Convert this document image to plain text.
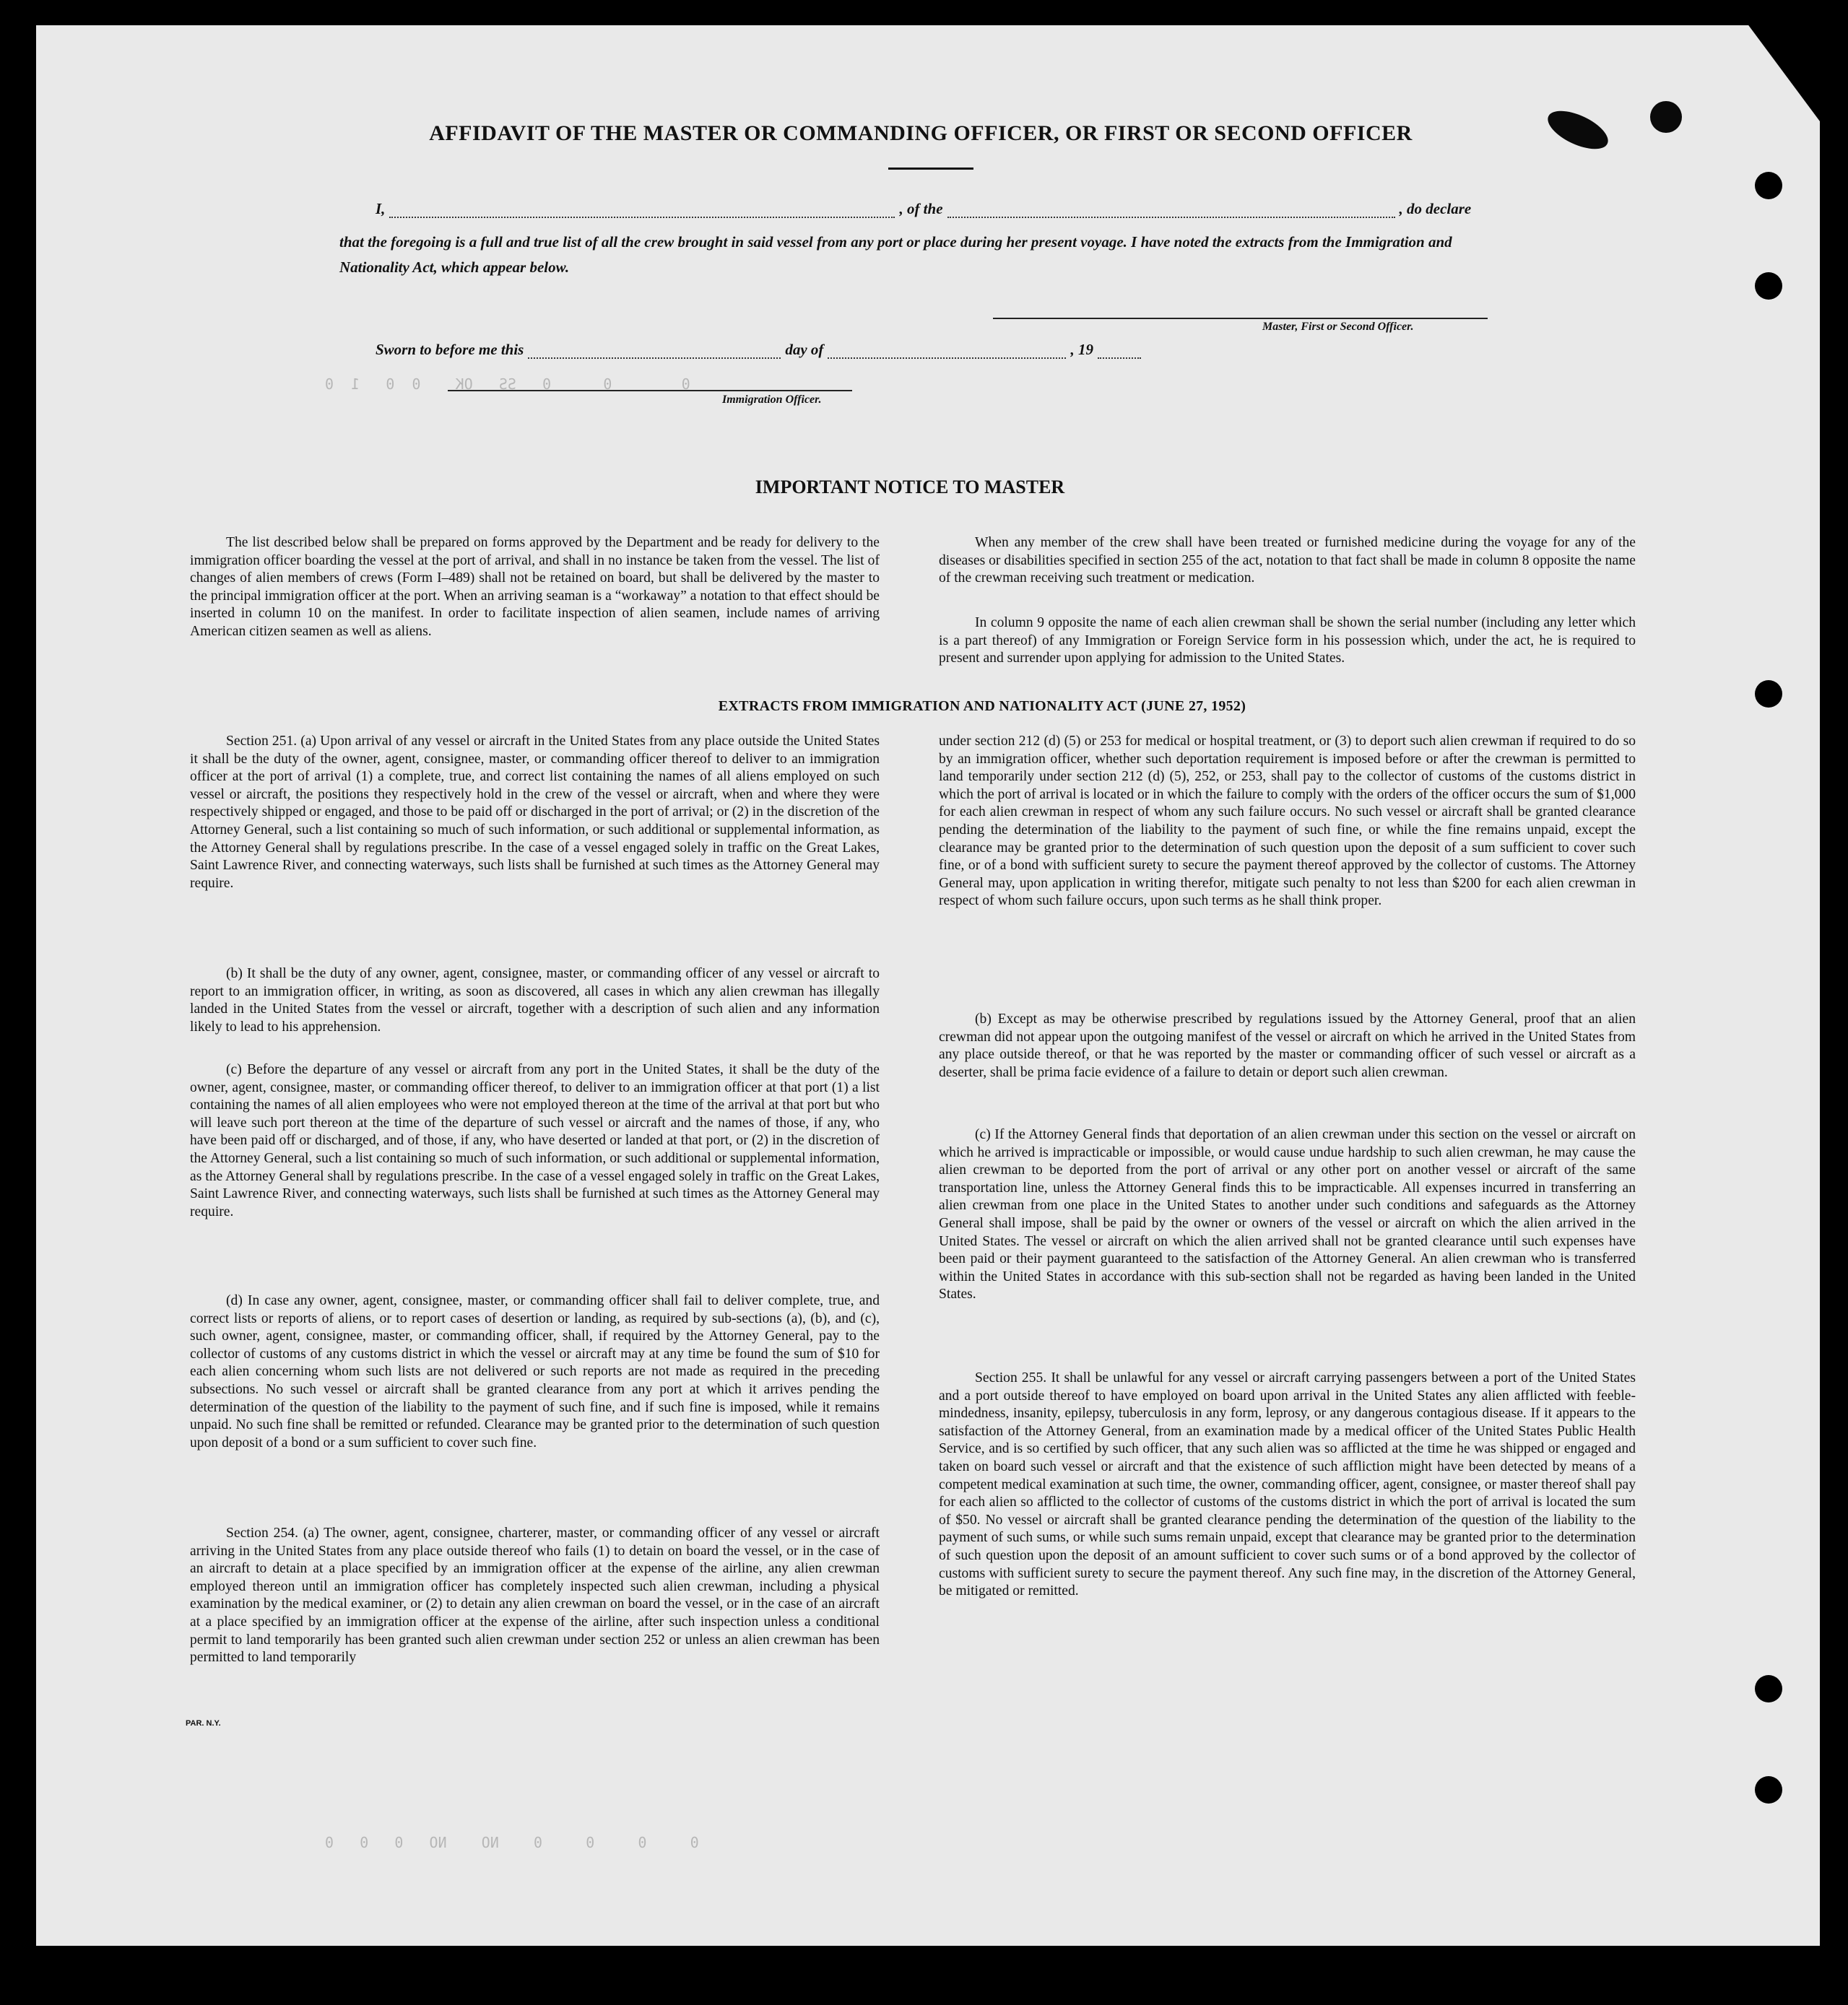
0        0      0   SS   OK    0  0   1  0
0     0     0     0    NO    NO   0   0   0
AFFIDAVIT OF THE MASTER OR COMMANDING OFFICER, OR FIRST OR SECOND OFFICER
I,	, of the	, do declare
that the foregoing is a full and true list of all the crew brought in said vessel from any port or place during her present voyage. I have noted the extracts from the Immigration and Nationality Act, which appear below.
Master, First or Second Officer.
Sworn to before me this	day of	, 19
Immigration Officer.
IMPORTANT NOTICE TO MASTER

The list described below shall be prepared on forms approved by the Department and be ready for delivery to the immigration officer boarding the vessel at the port of arrival, and shall in no instance be taken from the vessel. The list of changes of alien members of crews (Form I–489) shall not be retained on board, but shall be delivered by the master to the principal immigration officer at the port. When an arriving seaman is a “workaway” a notation to that effect should be inserted in column 10 on the manifest. In order to facilitate inspection of alien seamen, include names of arriving American citizen seamen as well as aliens.

When any member of the crew shall have been treated or furnished medicine during the voyage for any of the diseases or disabilities specified in section 255 of the act, notation to that fact shall be made in column 8 opposite the name of the crewman receiving such treatment or medication.

In column 9 opposite the name of each alien crewman shall be shown the serial number (including any letter which is a part thereof) of any Immigration or Foreign Service form in his possession which, under the act, he is required to present and surrender upon applying for admission to the United States.

EXTRACTS FROM IMMIGRATION AND NATIONALITY ACT (JUNE 27, 1952)

Section 251. (a) Upon arrival of any vessel or aircraft in the United States from any place outside the United States it shall be the duty of the owner, agent, consignee, master, or commanding officer thereof to deliver to an immigration officer at the port of arrival (1) a complete, true, and correct list containing the names of all aliens employed on such vessel or aircraft, the positions they respectively hold in the crew of the vessel or aircraft, when and where they were respectively shipped or engaged, and those to be paid off or discharged in the port of arrival; or (2) in the discretion of the Attorney General, such a list containing so much of such information, or such additional or supplemental information, as the Attorney General shall by regulations prescribe. In the case of a vessel engaged solely in traffic on the Great Lakes, Saint Lawrence River, and connecting waterways, such lists shall be furnished at such times as the Attorney General may require.

(b) It shall be the duty of any owner, agent, consignee, master, or commanding officer of any vessel or aircraft to report to an immigration officer, in writing, as soon as discovered, all cases in which any alien crewman has illegally landed in the United States from the vessel or aircraft, together with a description of such alien and any information likely to lead to his apprehension.

(c) Before the departure of any vessel or aircraft from any port in the United States, it shall be the duty of the owner, agent, consignee, master, or commanding officer thereof, to deliver to an immigration officer at that port (1) a list containing the names of all alien employees who were not employed thereon at the time of the arrival at that port but who will leave such port thereon at the time of the departure of such vessel or aircraft and the names of those, if any, who have been paid off or discharged, and of those, if any, who have deserted or landed at that port, or (2) in the discretion of the Attorney General, such a list containing so much of such information, or such additional or supplemental information, as the Attorney General shall by regulations prescribe. In the case of a vessel engaged solely in traffic on the Great Lakes, Saint Lawrence River, and connecting waterways, such lists shall be furnished at such times as the Attorney General may require.

(d) In case any owner, agent, consignee, master, or commanding officer shall fail to deliver complete, true, and correct lists or reports of aliens, or to report cases of desertion or landing, as required by sub-sections (a), (b), and (c), such owner, agent, consignee, master, or commanding officer, shall, if required by the Attorney General, pay to the collector of customs of any customs district in which the vessel or aircraft may at any time be found the sum of $10 for each alien concerning whom such lists are not delivered or such reports are not made as required in the preceding subsections. No such vessel or aircraft shall be granted clearance from any port at which it arrives pending the determination of the question of the liability to the payment of such fine, and if such fine is imposed, while it remains unpaid. No such fine shall be remitted or refunded. Clearance may be granted prior to the determination of such question upon deposit of a bond or a sum sufficient to cover such fine.

Section 254. (a) The owner, agent, consignee, charterer, master, or commanding officer of any vessel or aircraft arriving in the United States from any place outside thereof who fails (1) to detain on board the vessel, or in the case of an aircraft to detain at a place specified by an immigration officer at the expense of the airline, any alien crewman employed thereon until an immigration officer has completely inspected such alien crewman, including a physical examination by the medical examiner, or (2) to detain any alien crewman on board the vessel, or in the case of an aircraft at a place specified by an immigration officer at the expense of the airline, after such inspection unless a conditional permit to land temporarily has been granted such alien crewman under section 252 or unless an alien crewman has been permitted to land temporarily

under section 212 (d) (5) or 253 for medical or hospital treatment, or (3) to deport such alien crewman if required to do so by an immigration officer, whether such deportation requirement is imposed before or after the crewman is permitted to land temporarily under section 212 (d) (5), 252, or 253, shall pay to the collector of customs of the customs district in which the port of arrival is located or in which the failure to comply with the orders of the officer occurs the sum of $1,000 for each alien crewman in respect of whom any such failure occurs. No such vessel or aircraft shall be granted clearance pending the determination of the liability to the payment of such fine, or while the fine remains unpaid, except the clearance may be granted prior to the determination of such question upon the deposit of a sum sufficient to cover such fine, or of a bond with sufficient surety to secure the payment thereof approved by the collector of customs. The Attorney General may, upon application in writing therefor, mitigate such penalty to not less than $200 for each alien crewman in respect of whom such failure occurs, upon such terms as he shall think proper.

(b) Except as may be otherwise prescribed by regulations issued by the Attorney General, proof that an alien crewman did not appear upon the outgoing manifest of the vessel or aircraft on which he arrived in the United States from any place outside thereof, or that he was reported by the master or commanding officer of such vessel or aircraft as a deserter, shall be prima facie evidence of a failure to detain or deport such alien crewman.

(c) If the Attorney General finds that deportation of an alien crewman under this section on the vessel or aircraft on which he arrived is impracticable or impossible, or would cause undue hardship to such alien crewman, he may cause the alien crewman to be deported from the port of arrival or any other port on another vessel or aircraft of the same transportation line, unless the Attorney General finds this to be impracticable. All expenses incurred in transferring an alien crewman from one place in the United States to another under such conditions and safeguards as the Attorney General shall impose, shall be paid by the owner or owners of the vessel or aircraft on which the alien arrived in the United States. The vessel or aircraft on which the alien arrived shall not be granted clearance until such expenses have been paid or their payment guaranteed to the satisfaction of the Attorney General. An alien crewman who is transferred within the United States in accordance with this sub-section shall not be regarded as having been landed in the United States.

Section 255. It shall be unlawful for any vessel or aircraft carrying passengers between a port of the United States and a port outside thereof to have employed on board upon arrival in the United States any alien afflicted with feeble-mindedness, insanity, epilepsy, tuberculosis in any form, leprosy, or any dangerous contagious disease. If it appears to the satisfaction of the Attorney General, from an examination made by a medical officer of the United States Public Health Service, and is so certified by such officer, that any such alien was so afflicted at the time he was shipped or engaged and taken on board such vessel or aircraft and that the existence of such affliction might have been detected by means of a competent medical examination at such time, the owner, commanding officer, agent, consignee, or master thereof shall pay for each alien so afflicted to the collector of customs of the customs district in which the port of arrival is located the sum of $50. No vessel or aircraft shall be granted clearance pending the determination of the question of the liability to the payment of such sums, or while such sums remain unpaid, except that clearance may be granted prior to the determination of such question upon the deposit of an amount sufficient to cover such sums or of a bond approved by the collector of customs with sufficient surety to secure the payment thereof. Any such fine may, in the discretion of the Attorney General, be mitigated or remitted.

PAR. N.Y.
